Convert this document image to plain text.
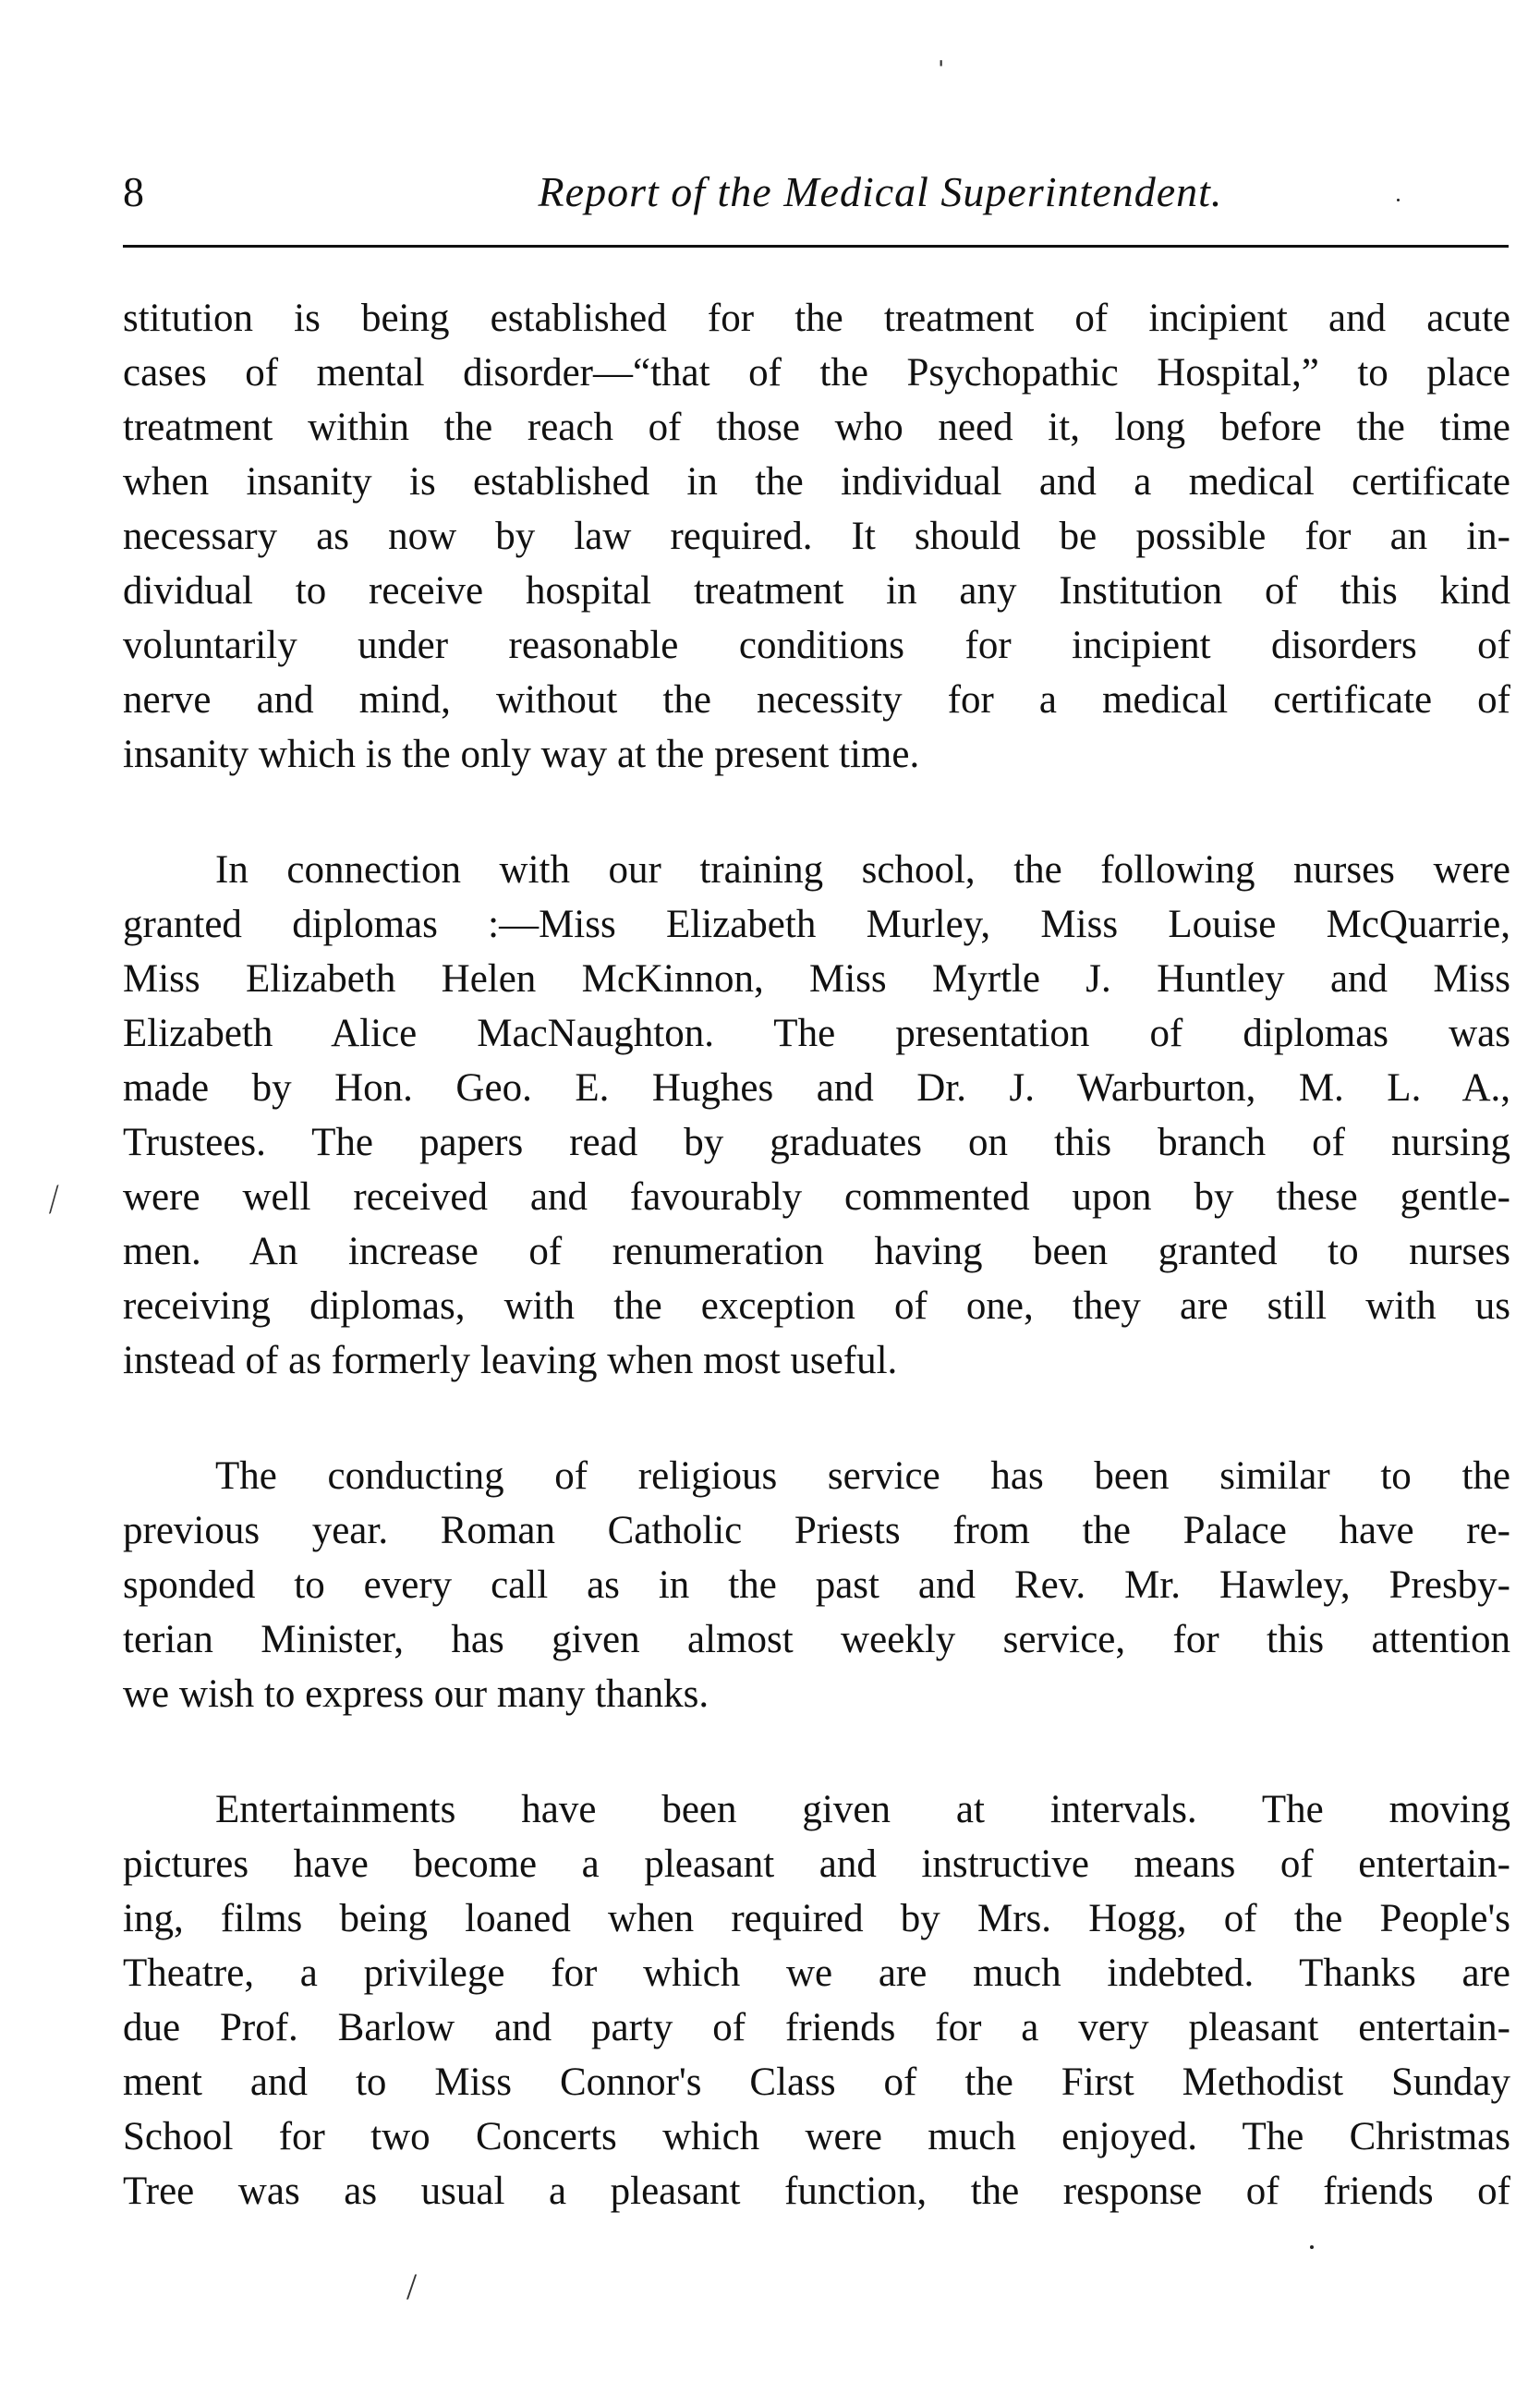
8	Report of the Medical Superintendent.
stitution is being established for the treatment of incipient and acute
cases of mental disorder—“that of the Psychopathic Hospital,” to place
treatment within the reach of those who need it, long before the time
when insanity is established in the individual and a medical certificate
necessary as now by law required. It should be possible for an in-
dividual to receive hospital treatment in any Institution of this kind
voluntarily under reasonable conditions for incipient disorders of
nerve and mind, without the necessity for a medical certificate of
insanity which is the only way at the present time.
In connection with our training school, the following nurses were
granted diplomas :—Miss Elizabeth Murley, Miss Louise McQuarrie,
Miss Elizabeth Helen McKinnon, Miss Myrtle J. Huntley and Miss
Elizabeth Alice MacNaughton. The presentation of diplomas was
made by Hon. Geo. E. Hughes and Dr. J. Warburton, M. L. A.,
Trustees. The papers read by graduates on this branch of nursing
were well received and favourably commented upon by these gentle-
men. An increase of renumeration having been granted to nurses
receiving diplomas, with the exception of one, they are still with us
instead of as formerly leaving when most useful.
The conducting of religious service has been similar to the
previous year. Roman Catholic Priests from the Palace have re-
sponded to every call as in the past and Rev. Mr. Hawley, Presby-
terian Minister, has given almost weekly service, for this attention
we wish to express our many thanks.
Entertainments have been given at intervals. The moving
pictures have become a pleasant and instructive means of entertain-
ing, films being loaned when required by Mrs. Hogg, of the People's
Theatre, a privilege for which we are much indebted. Thanks are
due Prof. Barlow and party of friends for a very pleasant entertain-
ment and to Miss Connor's Class of the First Methodist Sunday
School for two Concerts which were much enjoyed. The Christmas
Tree was as usual a pleasant function, the response of friends of
ˌ
⁄
/
